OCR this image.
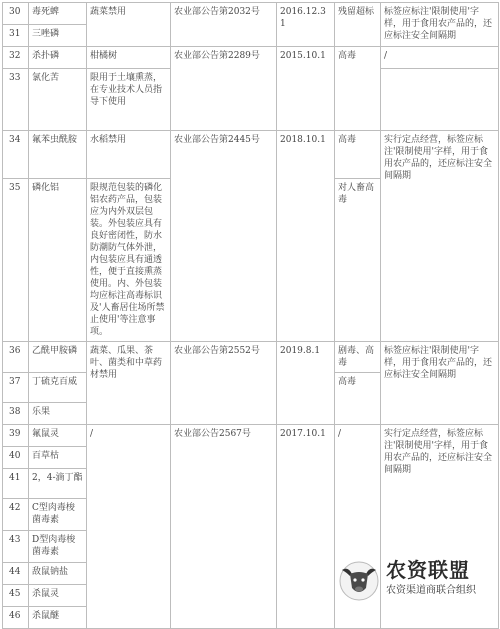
30	毒死蜱	蔬菜禁用	农业部公告第2032号	2016.12.31	残留超标	标签应标注'限制使用'字样，用于食用农产品的，还应标注安全间隔期
31	三唑磷					
32	杀扑磷	柑橘树	农业部公告第2289号	2015.10.1	高毒	/
33	氯化苦	限用于土壤熏蒸，在专业技术人员指导下使用	
34	氟苯虫酰胺	水稻禁用	农业部公告第2445号	2018.10.1	高毒	实行定点经营，标签应标注'限制使用'字样，用于食用农产品的，还应标注安全间隔期
35	磷化铝	限规范包装的磷化铝农药产品，包装应为内外双层包装。外包装应具有良好密闭性，防水防潮防气体外泄，内包装应具有通透性，便于直接熏蒸使用。内、外包装均应标注高毒标识及'人畜居住场所禁止使用'等注意事项。			对人畜高毒	
36	乙酰甲胺磷	蔬菜、瓜果、茶叶、菌类和中草药材禁用	农业部公告第2552号	2019.8.1	剧毒、高毒	标签应标注'限制使用'字样，用于食用农产品的，还应标注安全间隔期
37	丁硫克百威				高毒	
38	乐果					
39	氟鼠灵	/	农业部公告2567号	2017.10.1	/	实行定点经营，标签应标注'限制使用'字样，用于食用农产品的，还应标注安全间隔期
40	百草枯					
41	2，4-滴丁酯					
42	C型肉毒梭菌毒素					
43	D型肉毒梭菌毒素					
44	敌鼠钠盐					
45	杀鼠灵					
46	杀鼠醚					
农资联盟
农资渠道商联合组织
